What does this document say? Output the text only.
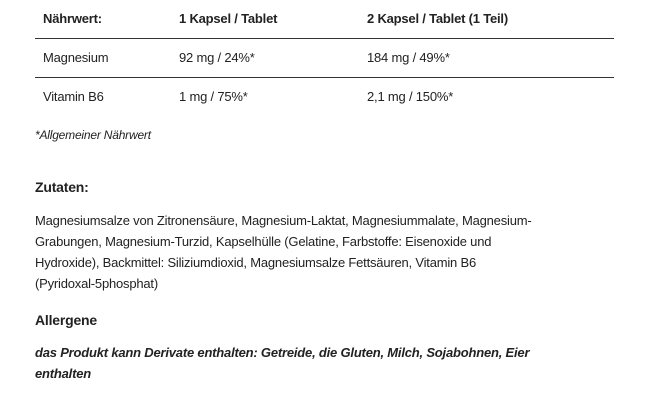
Nährwert:	1 Kapsel / Tablet	2 Kapsel / Tablet (1 Teil)
Magnesium	92 mg / 24%*	184 mg / 49%*
Vitamin B6	1 mg / 75%*	2,1 mg / 150%*
*Allgemeiner Nährwert
Zutaten:
Magnesiumsalze von Zitronensäure, Magnesium-Laktat, Magnesiummalate, Magnesium-
Grabungen, Magnesium-Turzid, Kapselhülle (Gelatine, Farbstoffe: Eisenoxide und
Hydroxide), Backmittel: Siliziumdioxid, Magnesiumsalze Fettsäuren, Vitamin B6
(Pyridoxal-5phosphat)
Allergene
das Produkt kann Derivate enthalten: Getreide, die Gluten, Milch, Sojabohnen, Eier
enthalten
